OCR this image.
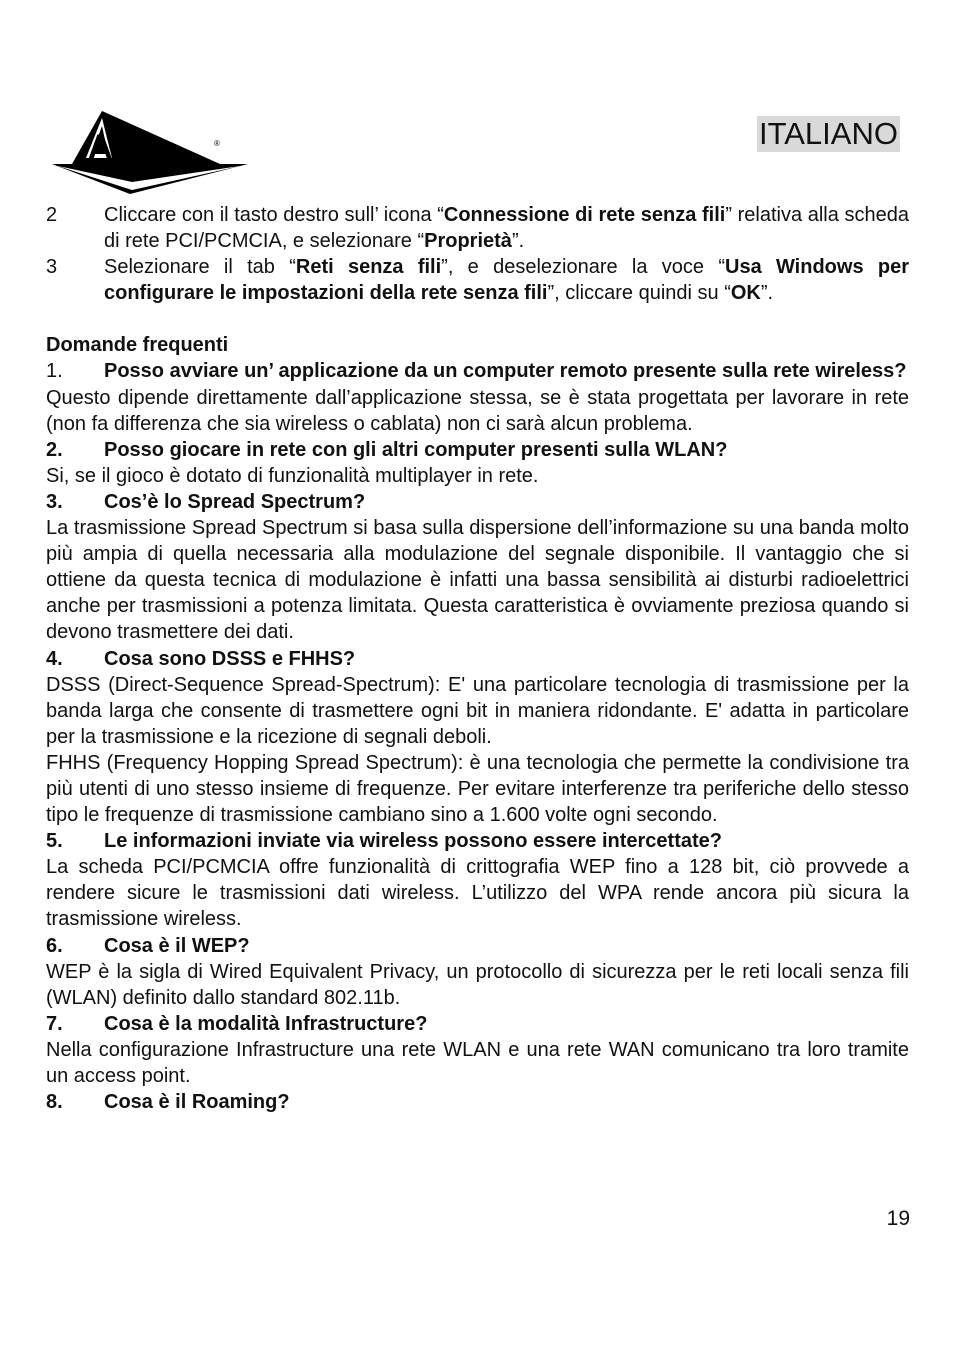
A TLANTIS
AND
®	ITALIANO
2	Cliccare con il tasto destro sull’ icona “Connessione di rete senza fili” relativa alla scheda di rete PCI/PCMCIA, e selezionare “Proprietà”.
3	Selezionare il tab “Reti senza fili”, e deselezionare la voce “Usa Windows per configurare le impostazioni della rete senza fili”, cliccare quindi su “OK”.
Domande frequenti
1.	Posso avviare un’ applicazione da un computer remoto presente sulla rete wireless?
Questo dipende direttamente dall’applicazione stessa, se è stata progettata per lavorare in rete (non fa differenza che sia wireless o cablata) non ci sarà alcun problema.
2.	Posso giocare in rete con gli altri computer presenti sulla WLAN?
Si, se il gioco è dotato di funzionalità multiplayer in rete.
3.	Cos’è lo Spread Spectrum?
La trasmissione Spread Spectrum si basa sulla dispersione dell’informazione su una banda molto più ampia di quella necessaria alla modulazione del segnale disponibile. Il vantaggio che si ottiene da questa tecnica di modulazione è infatti una bassa sensibilità ai disturbi radioelettrici anche per trasmissioni a potenza limitata. Questa caratteristica è ovviamente preziosa quando si devono trasmettere dei dati.
4.	Cosa sono DSSS e FHHS?
DSSS (Direct-Sequence Spread-Spectrum): E' una particolare tecnologia di trasmissione per la banda larga che consente di trasmettere ogni bit in maniera ridondante. E' adatta in particolare per la trasmissione e la ricezione di segnali deboli.
FHHS (Frequency Hopping Spread Spectrum): è una tecnologia che permette la condivisione tra più utenti di uno stesso insieme di frequenze. Per evitare interferenze tra periferiche dello stesso tipo le frequenze di trasmissione cambiano sino a 1.600 volte ogni secondo.
5.	Le informazioni inviate via wireless possono essere intercettate?
La scheda PCI/PCMCIA offre funzionalità di crittografia WEP fino a 128 bit, ciò provvede a rendere sicure le trasmissioni dati wireless. L’utilizzo del WPA rende ancora più sicura la trasmissione wireless.
6.	Cosa è il WEP?
WEP è la sigla di Wired Equivalent Privacy, un protocollo di sicurezza per le reti locali senza fili (WLAN) definito dallo standard 802.11b.
7.	Cosa è la modalità Infrastructure?
Nella configurazione Infrastructure una rete WLAN e una rete WAN comunicano tra loro tramite un access point.
8.	Cosa è il Roaming?
19
